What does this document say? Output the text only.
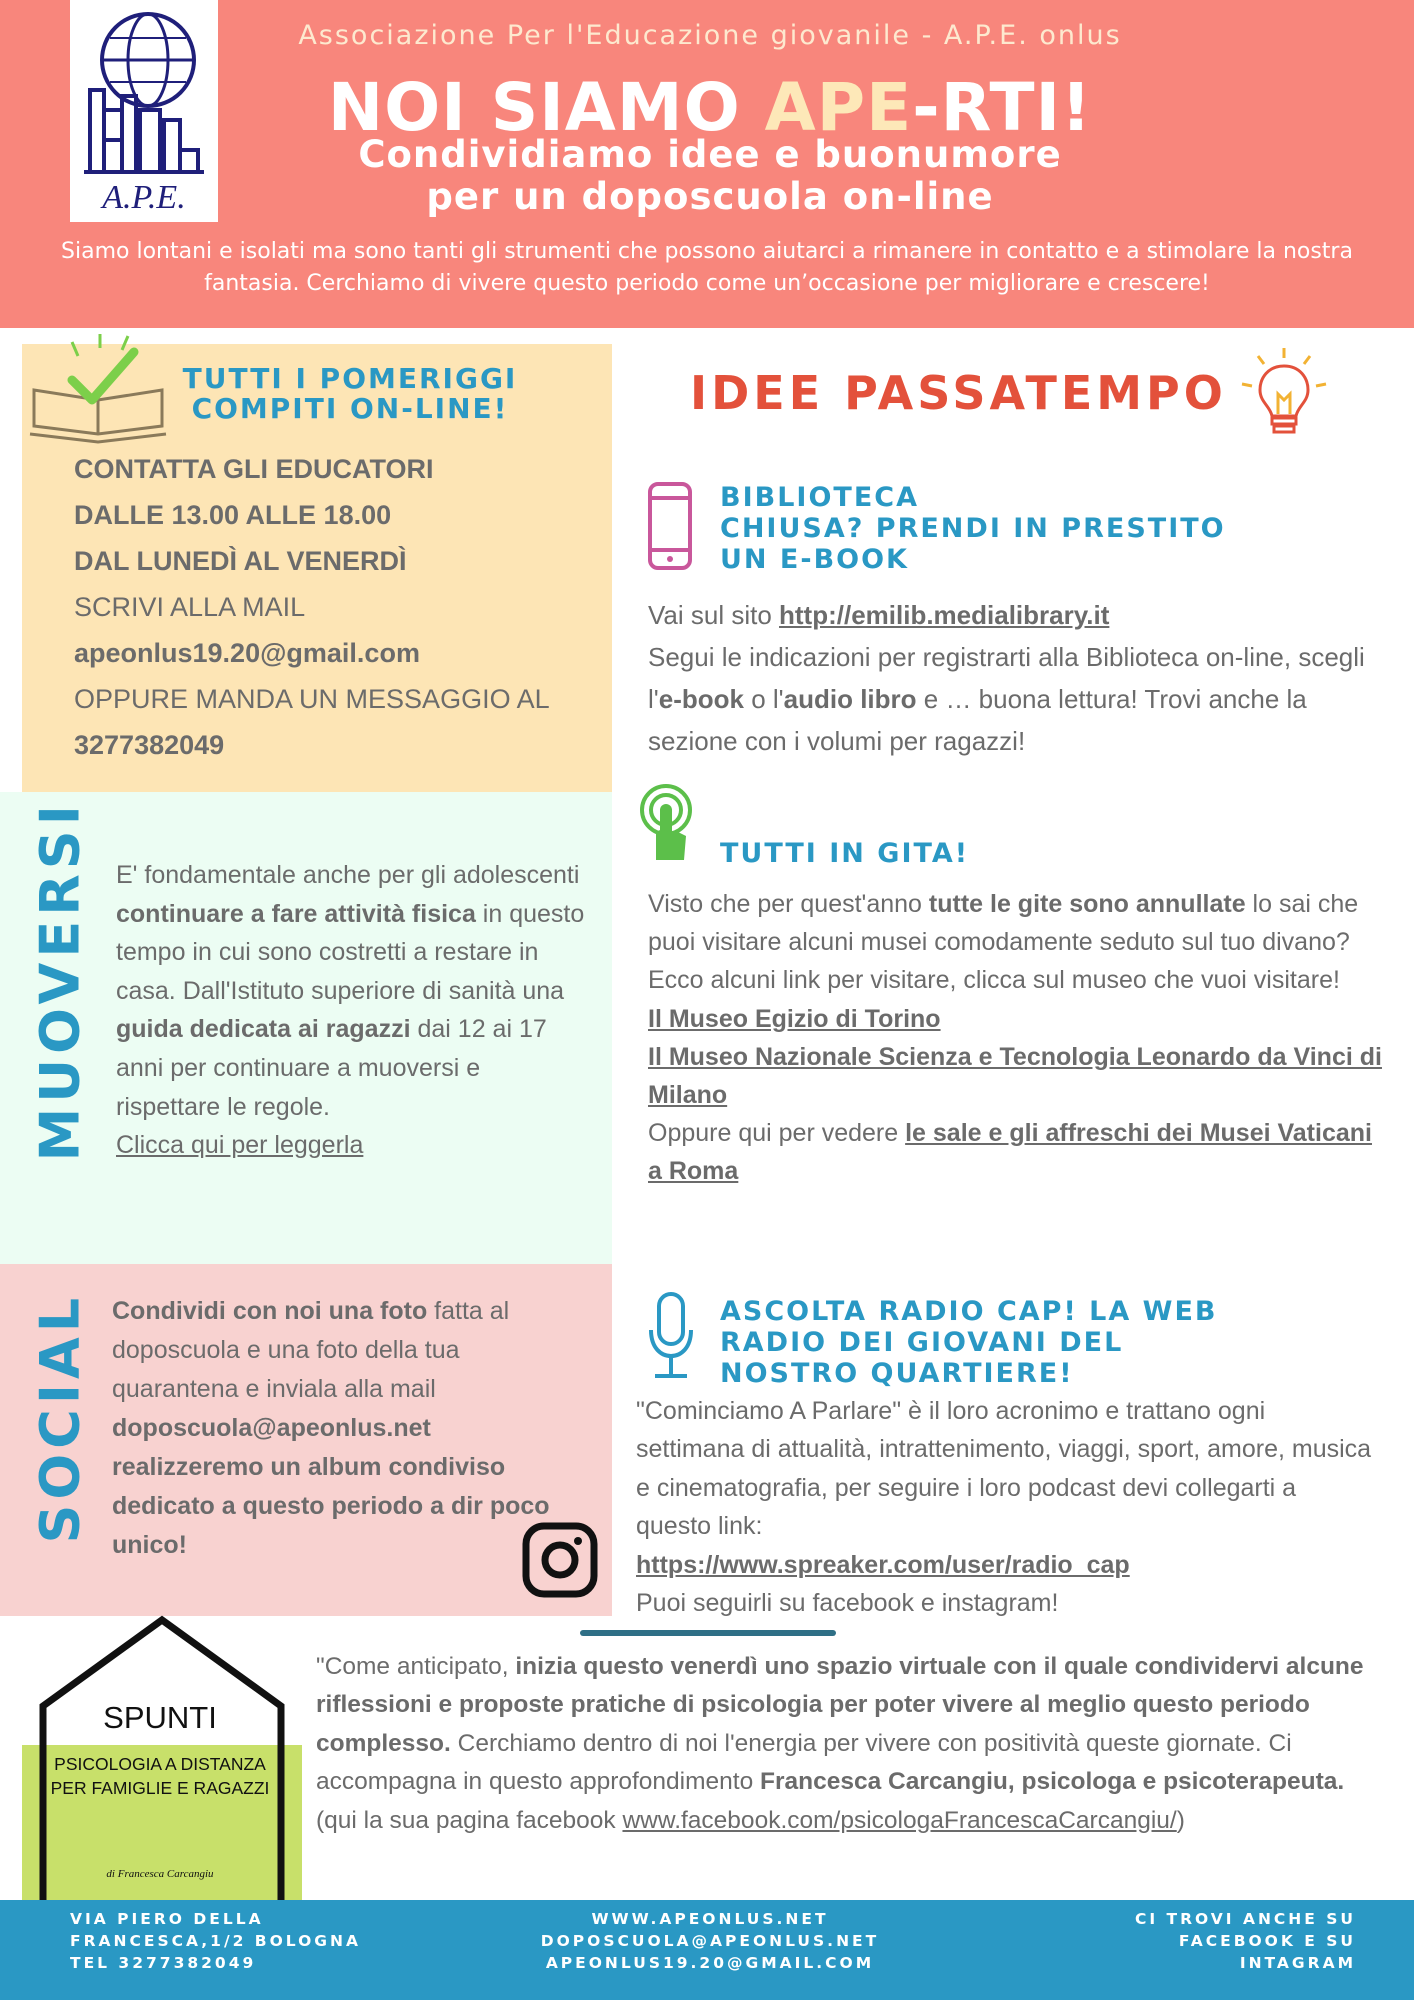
A.P.E.
Associazione Per l'Educazione giovanile - A.P.E. onlus
NOI SIAMO APE-RTI!
Condividiamo idee e buonumore
per un doposcuola on-line
Siamo lontani e isolati ma sono tanti gli strumenti che possono aiutarci a rimanere in contatto e a stimolare la nostra fantasia. Cerchiamo di vivere questo periodo come un’occasione per migliorare e crescere!
TUTTI I POMERIGGI
COMPITI ON-LINE!
CONTATTA GLI EDUCATORI
DALLE 13.00 ALLE 18.00
DAL LUNEDÌ AL VENERDÌ
SCRIVI ALLA MAIL
apeonlus19.20@gmail.com
OPPURE MANDA UN MESSAGGIO AL
3277382049
MUOVERSI E' fondamentale anche per gli adolescenti continuare a fare attività fisica in questo tempo in cui sono costretti a restare in casa. Dall'Istituto superiore di sanità una guida dedicata ai ragazzi dai 12 ai 17 anni per continuare a muoversi e rispettare le regole.
Clicca qui per leggerla
SOCIAL Condividi con noi una foto fatta al doposcuola e una foto della tua quarantena e inviala alla mail doposcuola@apeonlus.net realizzeremo un album condiviso dedicato a questo periodo a dir poco unico!
IDEE PASSATEMPO
BIBLIOTECA
CHIUSA? PRENDI IN PRESTITO
UN E-BOOK
Vai sul sito http://emilib.medialibrary.it
Segui le indicazioni per registrarti alla Biblioteca on-line, scegli l'e-book o l'audio libro e … buona lettura! Trovi anche la sezione con i volumi per ragazzi!
TUTTI IN GITA!
Visto che per quest'anno tutte le gite sono annullate lo sai che puoi visitare alcuni musei comodamente seduto sul tuo divano? Ecco alcuni link per visitare, clicca sul museo che vuoi visitare!
Il Museo Egizio di Torino
Il Museo Nazionale Scienza e Tecnologia Leonardo da Vinci di Milano
Oppure qui per vedere le sale e gli affreschi dei Musei Vaticani a Roma
ASCOLTA RADIO CAP! LA WEB
RADIO DEI GIOVANI DEL
NOSTRO QUARTIERE!
"Cominciamo A Parlare" è il loro acronimo e trattano ogni settimana di attualità, intrattenimento, viaggi, sport, amore, musica e cinematografia, per seguire i loro podcast devi collegarti a questo link:
https://www.spreaker.com/user/radio_cap
Puoi seguirli su facebook e instagram!
SPUNTI
PSICOLOGIA A DISTANZA PER FAMIGLIE E RAGAZZI
di Francesca Carcangiu
"Come anticipato, inizia questo venerdì uno spazio virtuale con il quale condividervi alcune riflessioni e proposte pratiche di psicologia per poter vivere al meglio questo periodo complesso. Cerchiamo dentro di noi l'energia per vivere con positività queste giornate. Ci accompagna in questo approfondimento Francesca Carcangiu, psicologa e psicoterapeuta.
(qui la sua pagina facebook www.facebook.com/psicologaFrancescaCarcangiu/)
VIA PIERO DELLA
FRANCESCA,1/2 BOLOGNA
TEL 3277382049
WWW.APEONLUS.NET
DOPOSCUOLA@APEONLUS.NET
APEONLUS19.20@GMAIL.COM
CI TROVI ANCHE SU
FACEBOOK E SU
INTAGRAM
